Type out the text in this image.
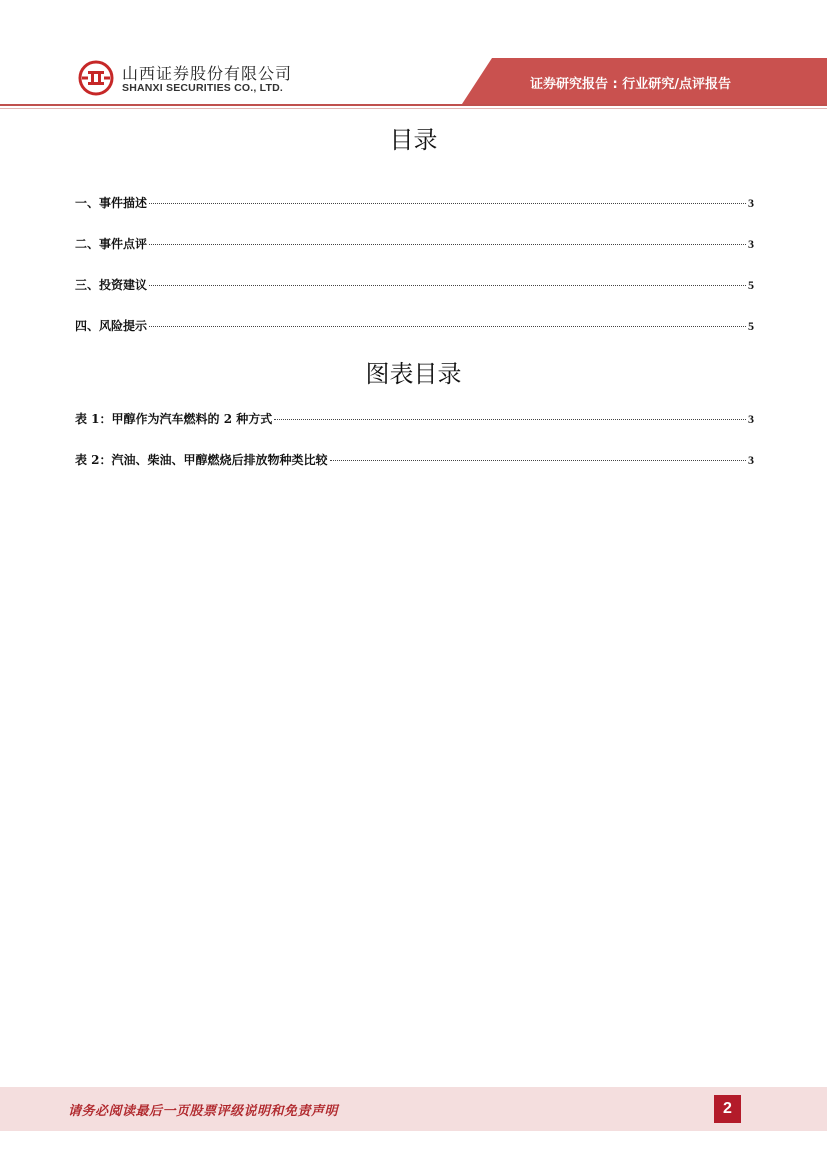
山西证券股份有限公司
SHANXI SECURITIES CO., LTD.	证券研究报告 : 行业研究/点评报告
目录
一、事件描述	3
二、事件点评	3
三、投资建议	5
四、风险提示	5
图表目录
表 1：甲醇作为汽车燃料的 2 种方式	3
表 2：汽油、柴油、甲醇燃烧后排放物种类比较	3
请务必阅读最后一页股票评级说明和免责声明	2
